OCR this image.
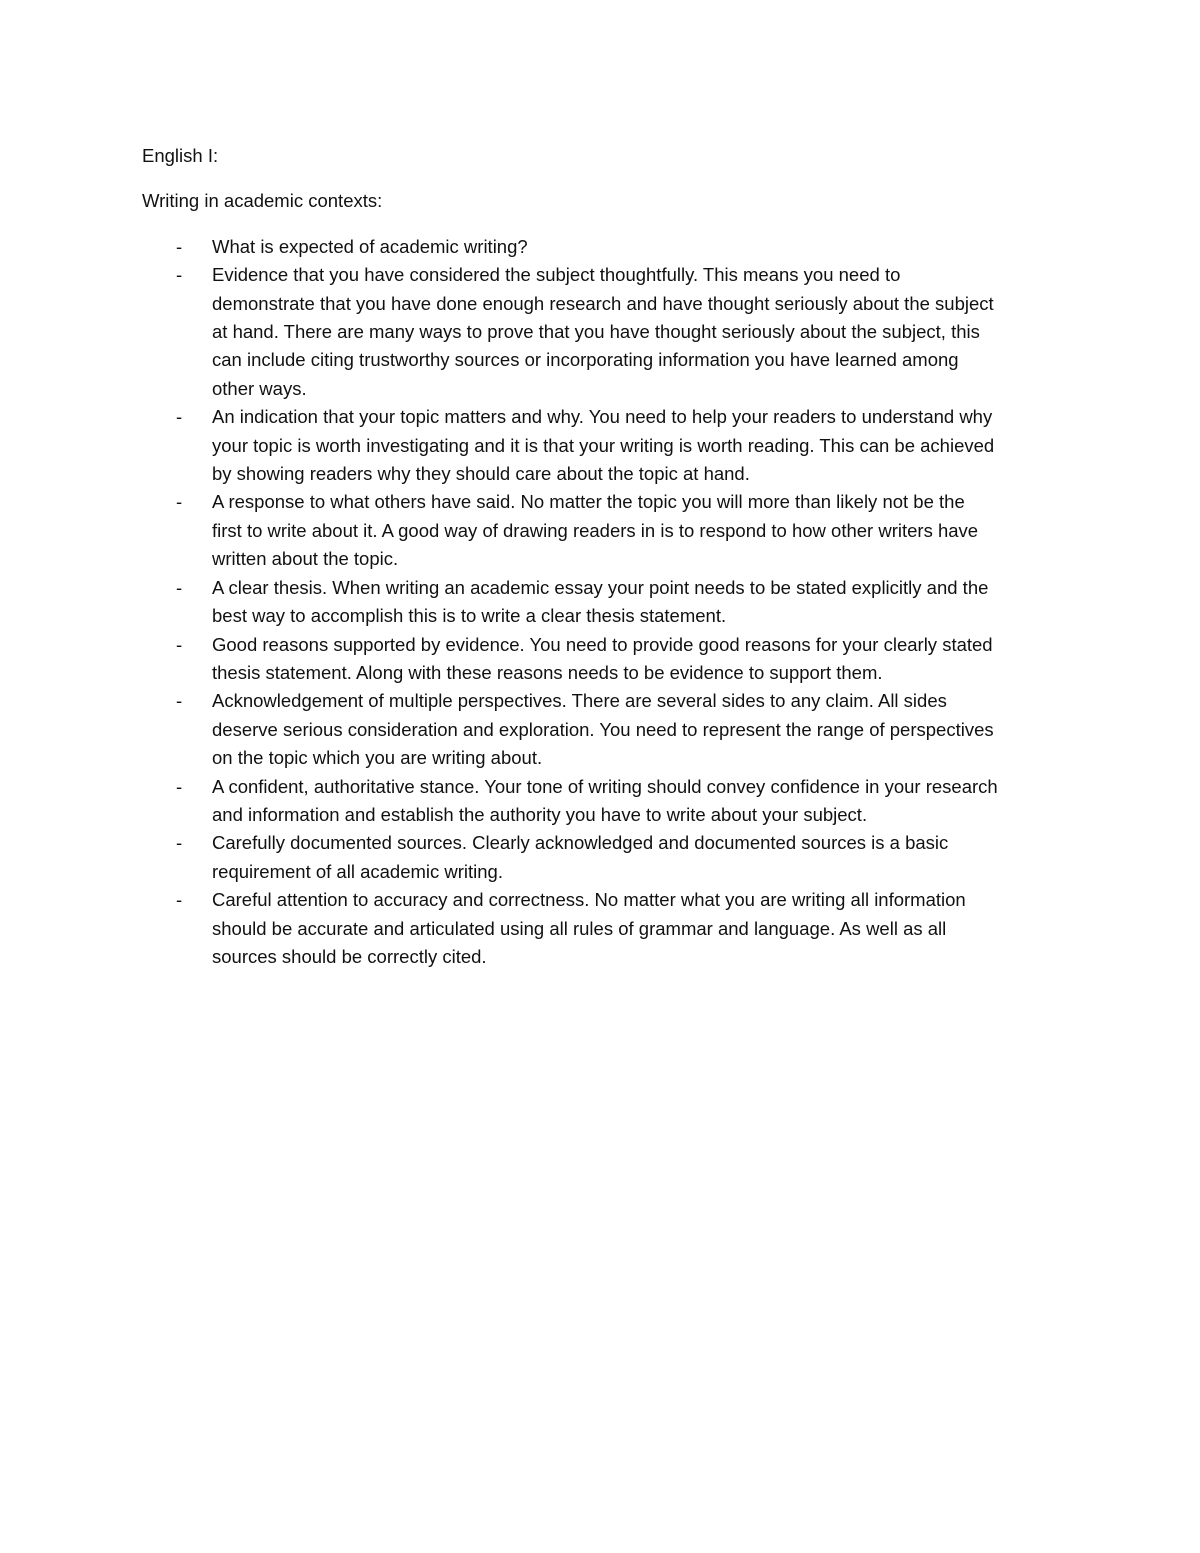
English I:

Writing in academic contexts:

- What is expected of academic writing?
- Evidence that you have considered the subject thoughtfully. This means you need to
demonstrate that you have done enough research and have thought seriously about the subject
at hand. There are many ways to prove that you have thought seriously about the subject, this
can include citing trustworthy sources or incorporating information you have learned among
other ways.
- An indication that your topic matters and why. You need to help your readers to understand why
your topic is worth investigating and it is that your writing is worth reading. This can be achieved
by showing readers why they should care about the topic at hand.
- A response to what others have said. No matter the topic you will more than likely not be the
first to write about it. A good way of drawing readers in is to respond to how other writers have
written about the topic.
- A clear thesis. When writing an academic essay your point needs to be stated explicitly and the
best way to accomplish this is to write a clear thesis statement.
- Good reasons supported by evidence. You need to provide good reasons for your clearly stated
thesis statement. Along with these reasons needs to be evidence to support them.
- Acknowledgement of multiple perspectives. There are several sides to any claim. All sides
deserve serious consideration and exploration. You need to represent the range of perspectives
on the topic which you are writing about.
- A confident, authoritative stance. Your tone of writing should convey confidence in your research
and information and establish the authority you have to write about your subject.
- Carefully documented sources. Clearly acknowledged and documented sources is a basic
requirement of all academic writing.
- Careful attention to accuracy and correctness. No matter what you are writing all information
should be accurate and articulated using all rules of grammar and language. As well as all
sources should be correctly cited.
